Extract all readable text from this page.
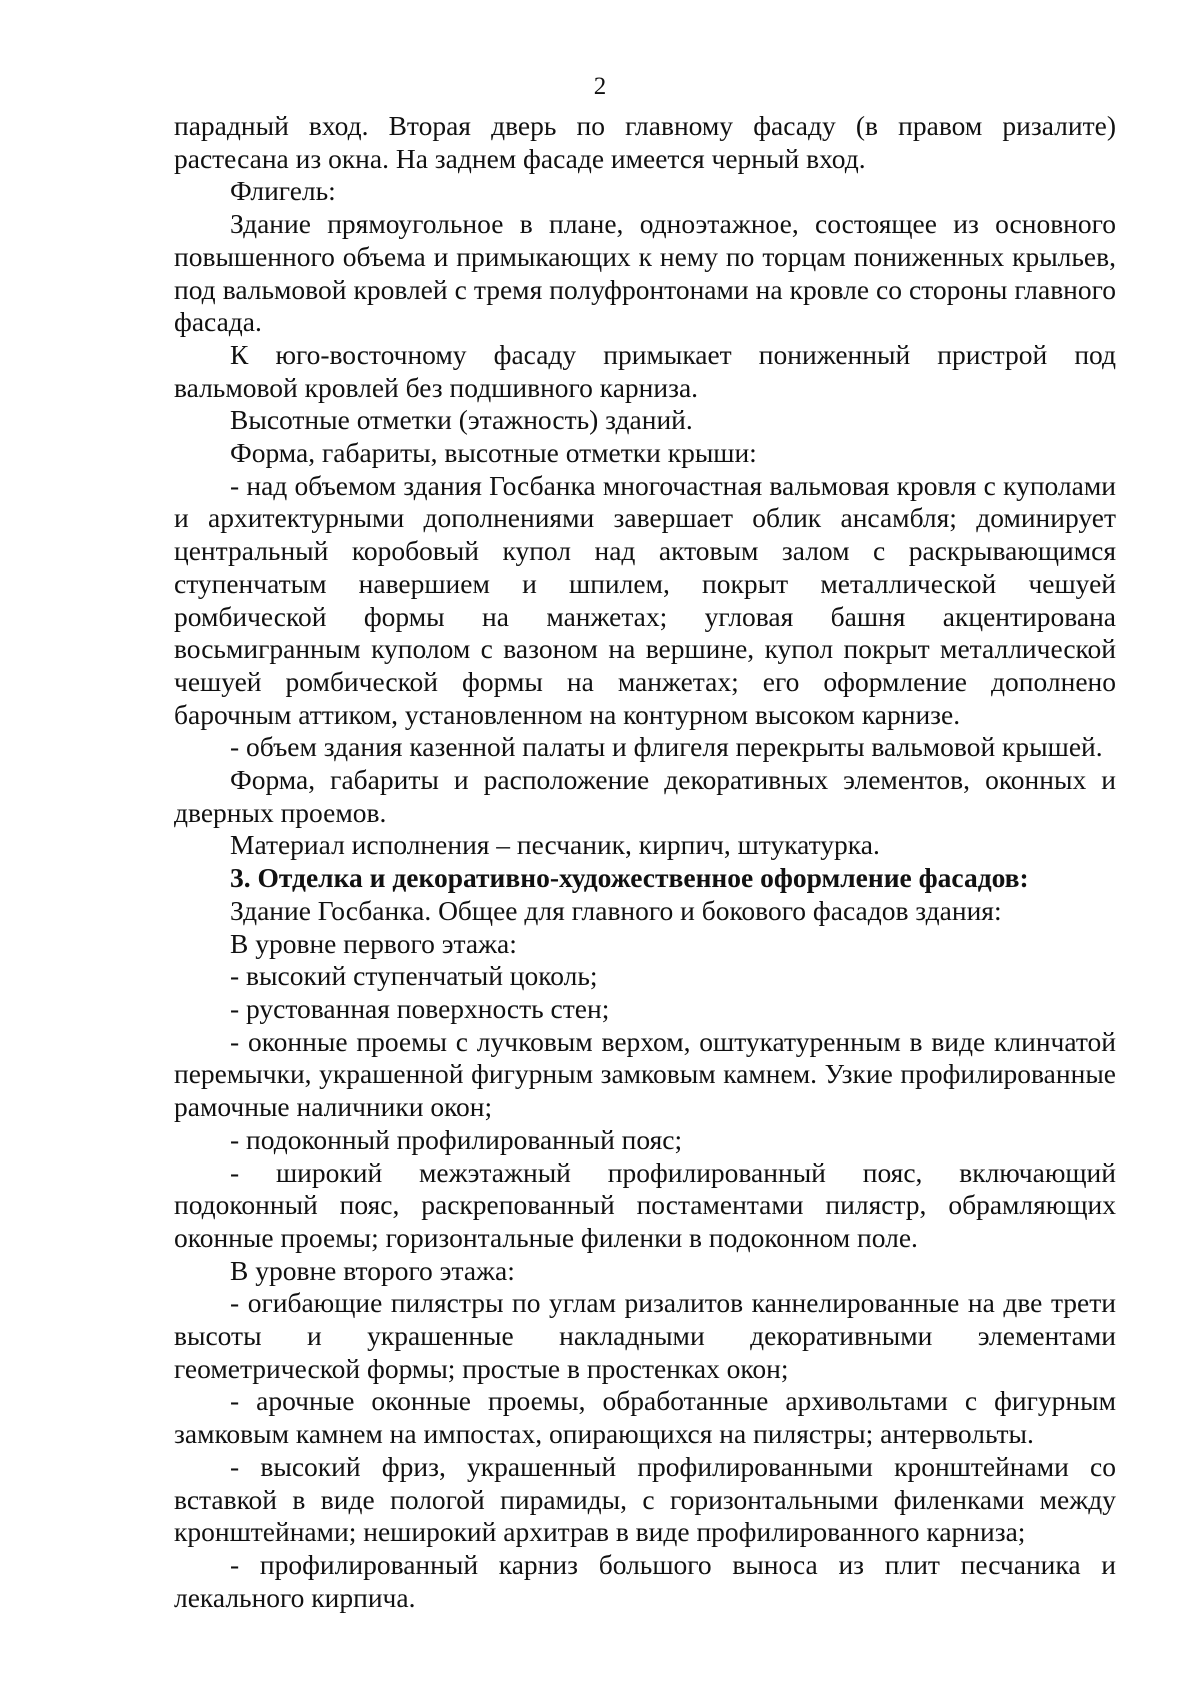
2

парадный вход. Вторая дверь по главному фасаду (в правом ризалите) растесана из окна. На заднем фасаде имеется черный вход.

Флигель:

Здание прямоугольное в плане, одноэтажное, состоящее из основного повышенного объема и примыкающих к нему по торцам пониженных крыльев, под вальмовой кровлей с тремя полуфронтонами на кровле со стороны главного фасада.

К юго-восточному фасаду примыкает пониженный пристрой под вальмовой кровлей без подшивного карниза.

Высотные отметки (этажность) зданий.

Форма, габариты, высотные отметки крыши:

- над объемом здания Госбанка многочастная вальмовая кровля с куполами и архитектурными дополнениями завершает облик ансамбля; доминирует центральный коробовый купол над актовым залом с раскрывающимся ступенчатым навершием и шпилем, покрыт металлической чешуей ромбической формы на манжетах; угловая башня акцентирована восьмигранным куполом с вазоном на вершине, купол покрыт металлической чешуей ромбической формы на манжетах; его оформление дополнено барочным аттиком, установленном на контурном высоком карнизе.

- объем здания казенной палаты и флигеля перекрыты вальмовой крышей.

Форма, габариты и расположение декоративных элементов, оконных и дверных проемов.

Материал исполнения – песчаник, кирпич, штукатурка.

3. Отделка и декоративно-художественное оформление фасадов:

Здание Госбанка. Общее для главного и бокового фасадов здания:

В уровне первого этажа:

- высокий ступенчатый цоколь;

- рустованная поверхность стен;

- оконные проемы с лучковым верхом, оштукатуренным в виде клинчатой перемычки, украшенной фигурным замковым камнем. Узкие профилированные рамочные наличники окон;

- подоконный профилированный пояс;

- широкий межэтажный профилированный пояс, включающий подоконный пояс, раскрепованный постаментами пилястр, обрамляющих оконные проемы; горизонтальные филенки в подоконном поле.

В уровне второго этажа:

- огибающие пилястры по углам ризалитов каннелированные на две трети высоты и украшенные накладными декоративными элементами геометрической формы; простые в простенках окон;

- арочные оконные проемы, обработанные архивольтами с фигурным замковым камнем на импостах, опирающихся на пилястры; антервольты.

- высокий фриз, украшенный профилированными кронштейнами со вставкой в виде пологой пирамиды, с горизонтальными филенками между кронштейнами; неширокий архитрав в виде профилированного карниза;

- профилированный карниз большого выноса из плит песчаника и лекального кирпича.
